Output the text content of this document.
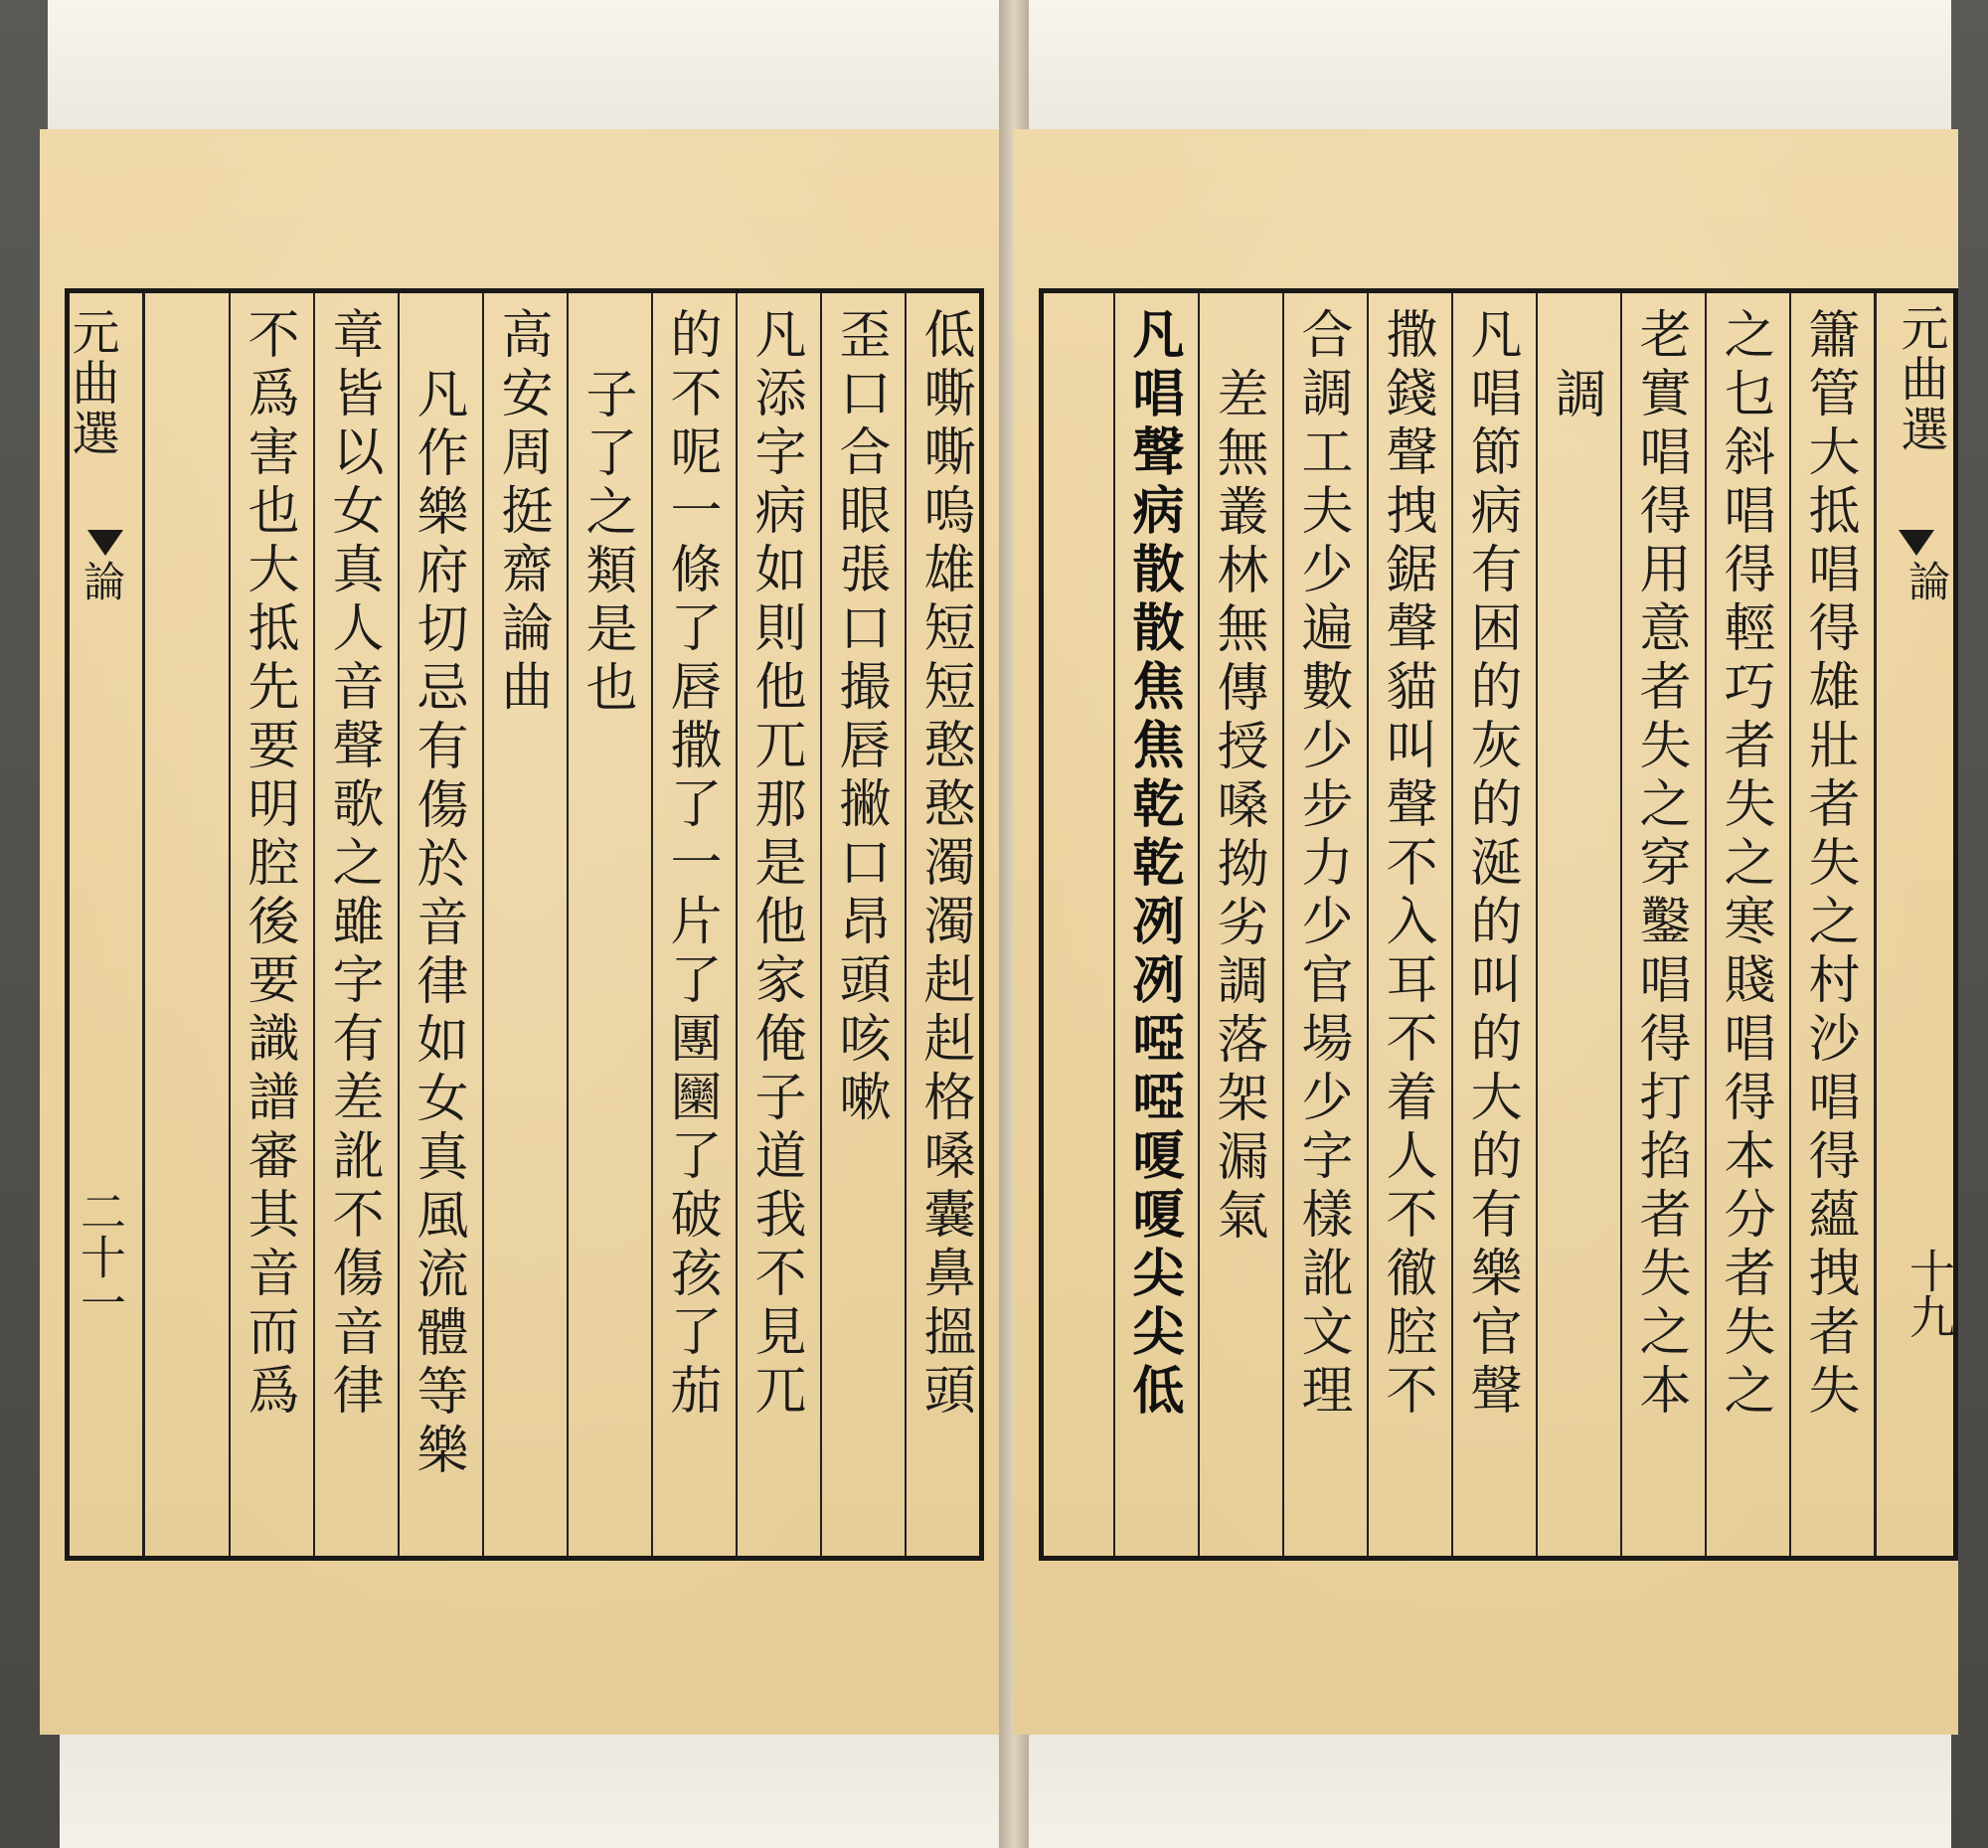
元曲選
論
二十一	低嘶嘶嗚雄短短憨憨濁濁赳赳格嗓囊鼻搵頭
歪口合眼張口撮唇撇口昂頭咳嗽
凡添字病如則他兀那是他家俺子道我不見兀
的不呢一條了唇撒了一片了團圞了破孩了茄
子了之類是也
高安周挺齋論曲
凡作樂府切忌有傷於音律如女真風流體等樂
章皆以女真人音聲歌之雖字有差訛不傷音律
不爲害也大抵先要明腔後要識譜審其音而爲	元曲選
論
十九
簫管大抵唱得雄壯者失之村沙唱得蘊拽者失
之乜斜唱得輕巧者失之寒賤唱得本分者失之
老實唱得用意者失之穿鑿唱得打掐者失之本
調
凡唱節病有困的灰的涎的叫的大的有樂官聲
撒錢聲拽鋸聲貓叫聲不入耳不着人不徹腔不
合調工夫少遍數少步力少官場少字樣訛文理
差無叢林無傳授嗓拗劣調落架漏氣
凡唱聲病散散焦焦乾乾冽冽啞啞嗄嗄尖尖低
